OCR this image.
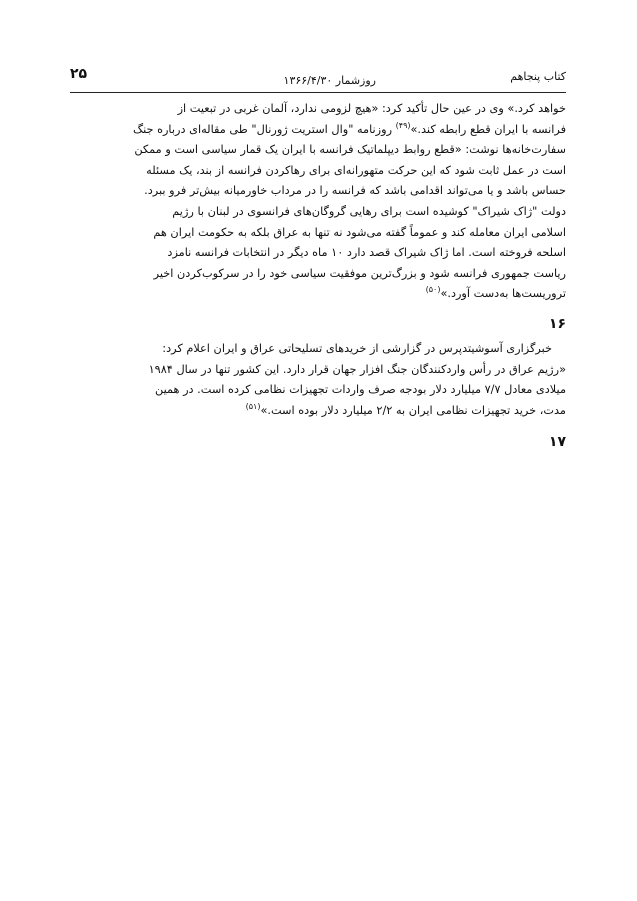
کتاب پنجاهم
روزشمار ۱۳۶۶/۴/۳۰
۲۵

خواهد کرد.» وی در عین حال تأکید کرد: «هیچ لزومی ندارد، آلمان غربی در تبعیت از
فرانسه با ایران قطع رابطه کند.»$^{(۴۹)}$ روزنامه "وال استریت ژورنال" طی مقاله‌ای درباره جنگ
سفارت‌خانه‌ها نوشت: «قطع روابط دیپلماتیک فرانسه با ایران یک قمار سیاسی است و ممکن
است در عمل ثابت شود که این حرکت متهورانه‌ای برای رهاکردن فرانسه از بند، یک مسئله
حساس باشد و یا می‌تواند اقدامی باشد که فرانسه را در مرداب خاورمیانه بیش‌تر فرو ببرد.
دولت "ژاک شیراک" کوشیده است برای رهایی گروگان‌های فرانسوی در لبنان با رژیم
اسلامی ایران معامله کند و عموماً گفته می‌شود نه تنها به عراق بلکه به حکومت ایران هم
اسلحه فروخته است. اما ژاک شیراک قصد دارد ۱۰ ماه دیگر در انتخابات فرانسه نامزد
ریاست جمهوری فرانسه شود و بزرگ‌ترین موفقیت سیاسی خود را در سرکوب‌کردن اخیر
تروریست‌ها به‌دست آورد.»$^{(۵۰)}$

۱۶

خبرگزاری آسوشیتدپرس در گزارشی از خریدهای تسلیحاتی عراق و ایران اعلام کرد:
«رژیم عراق در رأس واردکنندگان جنگ افزار جهان قرار دارد. این کشور تنها در سال ۱۹۸۴
میلادی معادل ۷/۷ میلیارد دلار بودجه صرف واردات تجهیزات نظامی کرده است. در همین
مدت، خرید تجهیزات نظامی ایران به ۲/۲ میلیارد دلار بوده است.»$^{(۵۱)}$

۱۷
